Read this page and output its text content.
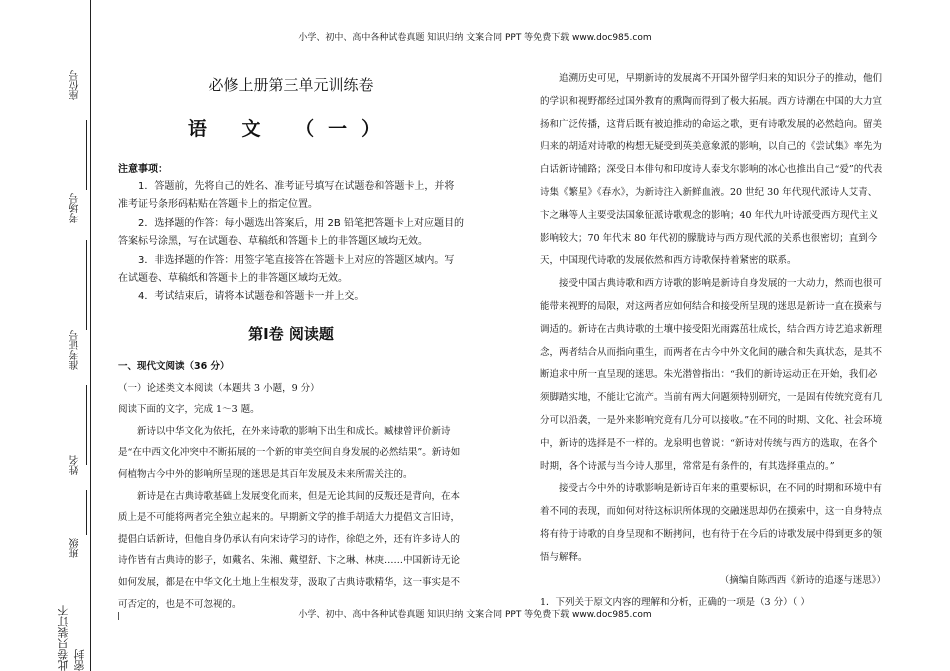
小学、初中、高中各种试卷真题 知识归纳 文案合同 PPT 等免费下载 www.doc985.com
座位号
考场号
准考证号
姓名
班级
此卷只装订不密封
必修上册第三单元训练卷
语 文 （一）
注意事项：

1．答题前，先将自己的姓名、准考证号填写在试题卷和答题卡上，并将准考证号条形码粘贴在答题卡上的指定位置。

2．选择题的作答：每小题选出答案后，用 2B 铅笔把答题卡上对应题目的答案标号涂黑，写在试题卷、草稿纸和答题卡上的非答题区域均无效。

3．非选择题的作答：用签字笔直接答在答题卡上对应的答题区域内。写在试题卷、草稿纸和答题卡上的非答题区域均无效。

4．考试结束后，请将本试题卷和答题卡一并上交。

第Ⅰ卷 阅读题

一、现代文阅读（36 分）

（一）论述类文本阅读（本题共 3 小题，9 分）

阅读下面的文字，完成 1～3 题。

新诗以中华文化为依托，在外来诗歌的影响下出生和成长。臧棣曾评价新诗是“在中西文化冲突中不断拓展的一个新的审美空间自身发展的必然结果”。新诗如何植物古今中外的影响所呈现的迷思是其百年发展及未来所需关注的。

新诗是在古典诗歌基础上发展变化而来，但是无论其间的反叛还是背向，在本质上是不可能将两者完全独立起来的。早期新文学的推手胡适大力提倡文言旧诗，提倡白话新诗，但他自身仍承认有向宋诗学习的诗作，徐皑之外，还有许多诗人的诗作皆有古典诗的影子，如戴名、朱湘、戴望舒、卞之琳、林庚……中国新诗无论如何发展，都是在中华文化土地上生根发芽，汲取了古典诗歌精华，这一事实是不可否定的，也是不可忽视的。

追溯历史可见，早期新诗的发展离不开国外留学归来的知识分子的推动，他们的学识和视野都经过国外教育的熏陶而得到了极大拓展。西方诗潮在中国的大力宣扬和广泛传播，这背后既有被迫推动的命运之歌，更有诗歌发展的必然趋向。留美归来的胡适对诗歌的构想无疑受到英美意象派的影响，以自己的《尝试集》率先为白话新诗铺路；深受日本俳句和印度诗人泰戈尔影响的冰心也推出自己“爱”的代表诗集《繁星》《春水》，为新诗注入新鲜血液。20 世纪 30 年代现代派诗人艾青、卞之琳等人主要受法国象征派诗歌观念的影响；40 年代九叶诗派受西方现代主义影响较大；70 年代末 80 年代初的朦胧诗与西方现代派的关系也很密切；直到今天，中国现代诗歌的发展依然和西方诗歌保持着紧密的联系。

接受中国古典诗歌和西方诗歌的影响是新诗自身发展的一大动力，然而也很可能带来视野的局限，对这两者应如何结合和接受所呈现的迷思是新诗一直在摸索与调适的。新诗在古典诗歌的土壤中接受阳光雨露茁壮成长，结合西方诗艺追求新理念，两者结合从而指向重生，而两者在古今中外文化间的融合和失真状态，是其不断追求中所一直呈现的迷思。朱光潜曾指出：“我们的新诗运动正在开始，我们必须脚踏实地，不能让它流产。当前有两大问题须特别研究，一是固有传统究竟有几分可以沿袭，一是外来影响究竟有几分可以接收。”在不同的时期、文化、社会环境中，新诗的选择是不一样的。龙泉明也曾说：“新诗对传统与西方的选取，在各个时期，各个诗派与当今诗人那里，常常是有条件的，有其选择重点的。”

接受古今中外的诗歌影响是新诗百年来的重要标识，在不同的时期和环境中有着不同的表现，而如何对待这标识所体现的交融迷思却仍在摸索中，这一自身特点将有待于诗歌的自身呈现和不断拷问，也有待于在今后的诗歌发展中得到更多的领悟与解释。

（摘编自陈西西《新诗的追逐与迷思》）

1．下列关于原文内容的理解和分析，正确的一项是（3 分）（ ）

小学、初中、高中各种试卷真题 知识归纳 文案合同 PPT 等免费下载 www.doc985.com
